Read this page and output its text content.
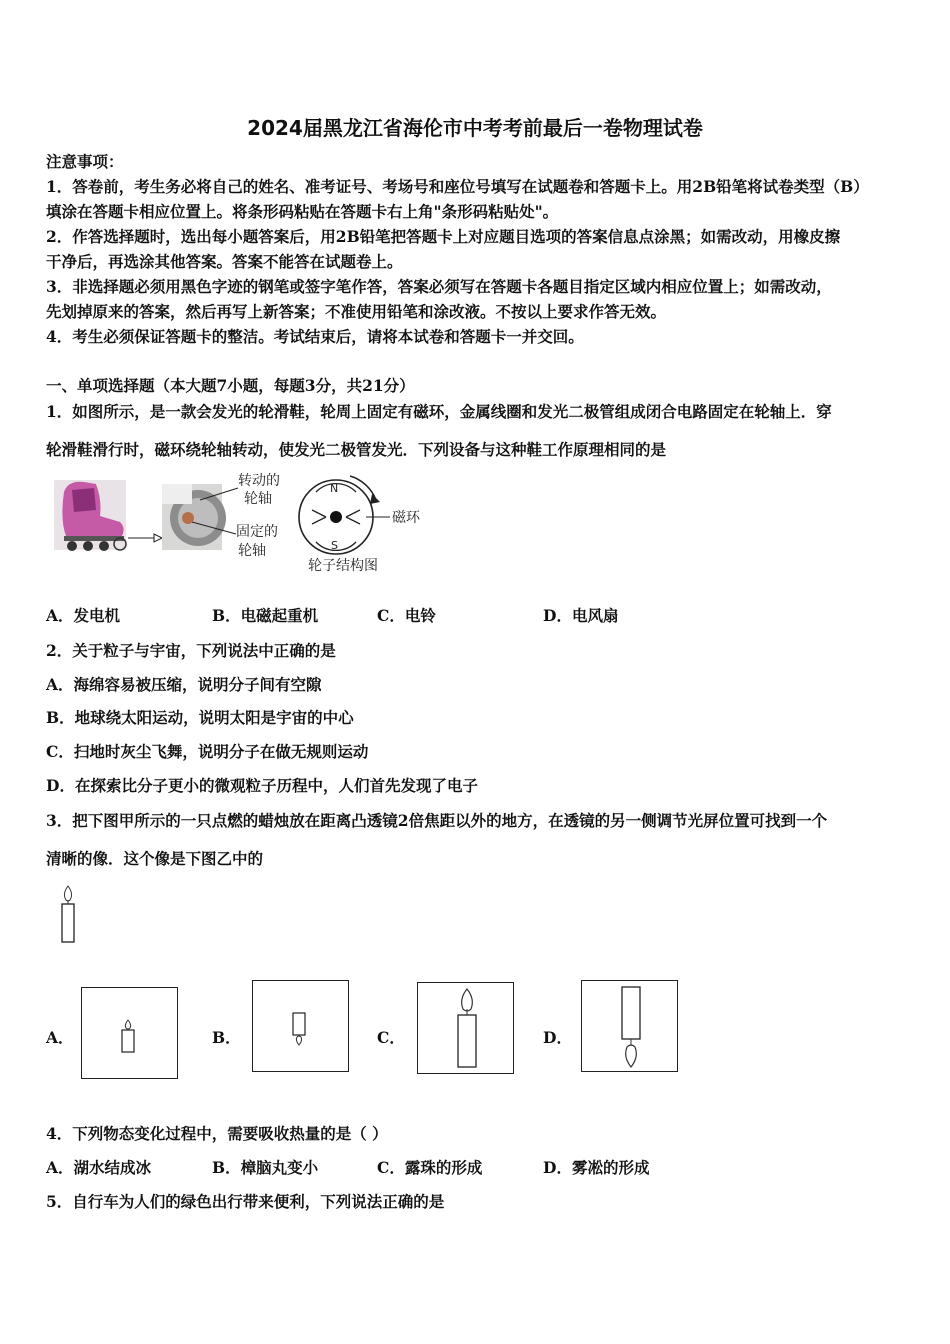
2024届黑龙江省海伦市中考考前最后一卷物理试卷
注意事项：
1．答卷前，考生务必将自己的姓名、准考证号、考场号和座位号填写在试题卷和答题卡上。用2B铅笔将试卷类型（B）
填涂在答题卡相应位置上。将条形码粘贴在答题卡右上角"条形码粘贴处"。
2．作答选择题时，选出每小题答案后，用2B铅笔把答题卡上对应题目选项的答案信息点涂黑；如需改动，用橡皮擦
干净后，再选涂其他答案。答案不能答在试题卷上。
3．非选择题必须用黑色字迹的钢笔或签字笔作答，答案必须写在答题卡各题目指定区域内相应位置上；如需改动，
先划掉原来的答案，然后再写上新答案；不准使用铅笔和涂改液。不按以上要求作答无效。
4．考生必须保证答题卡的整洁。考试结束后，请将本试卷和答题卡一并交回。
一、单项选择题（本大题7小题，每题3分，共21分）
1．如图所示，是一款会发光的轮滑鞋，轮周上固定有磁环，金属线圈和发光二极管组成闭合电路固定在轮轴上．穿
轮滑鞋滑行时，磁环绕轮轴转动，使发光二极管发光．下列设备与这种鞋工作原理相同的是
转动的
轮轴
固定的
轮轴
N
S
磁环
轮子结构图
A．发电机	B．电磁起重机	C．电铃	D．电风扇
2．关于粒子与宇宙，下列说法中正确的是
A．海绵容易被压缩，说明分子间有空隙
B．地球绕太阳运动，说明太阳是宇宙的中心
C．扫地时灰尘飞舞，说明分子在做无规则运动
D．在探索比分子更小的微观粒子历程中，人们首先发现了电子
3．把下图甲所示的一只点燃的蜡烛放在距离凸透镜2倍焦距以外的地方，在透镜的另一侧调节光屏位置可找到一个
清晰的像．这个像是下图乙中的
A．	B．	C．	D．
4．下列物态变化过程中，需要吸收热量的是（ ）
A．湖水结成冰	B．樟脑丸变小	C．露珠的形成	D．雾凇的形成
5．自行车为人们的绿色出行带来便利，下列说法正确的是
